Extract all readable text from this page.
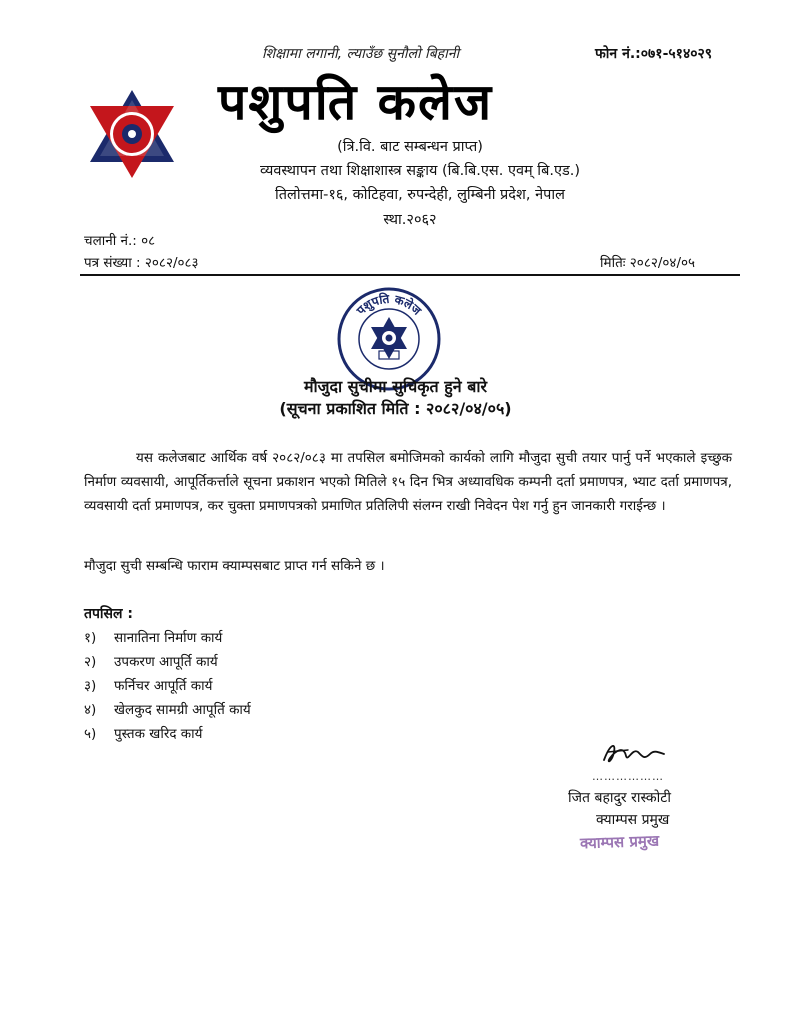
शिक्षामा लगानी, ल्याउँछ सुनौलो बिहानी	फोन नं.:०७१-५१४०२९
पशुपति कलेज
(त्रि.वि. बाट सम्बन्धन प्राप्त)
व्यवस्थापन तथा शिक्षाशास्त्र सङ्काय (बि.बि.एस. एवम् बि.एड.)
तिलोत्तमा-१६, कोटिहवा, रुपन्देही, लुम्बिनी प्रदेश, नेपाल
स्था.२०६२
चलानी नं.: ०८
पत्र संख्या : २०८२/०८३	मितिः २०८२/०४/०५
पशुपति कलेज
मौजुदा सुचीमा सुचिकृत हुने बारे
(सूचना प्रकाशित मिति : २०८२/०४/०५)
यस कलेजबाट आर्थिक वर्ष २०८२/०८३ मा तपसिल बमोजिमको कार्यको लागि मौजुदा सुची तयार पार्नु पर्ने भएकाले इच्छुक निर्माण व्यवसायी, आपूर्तिकर्त्ताले सूचना प्रकाशन भएको मितिले १५ दिन भित्र अध्यावधिक कम्पनी दर्ता प्रमाणपत्र, भ्याट दर्ता प्रमाणपत्र, व्यवसायी दर्ता प्रमाणपत्र, कर चुक्ता प्रमाणपत्रको प्रमाणित प्रतिलिपी संलग्न राखी निवेदन पेश गर्नु हुन जानकारी गराईन्छ ।
मौजुदा सुची सम्बन्धि फाराम क्याम्पसबाट प्राप्त गर्न सकिने छ ।
तपसिल :
१) सानातिना निर्माण कार्य
२) उपकरण आपूर्ति कार्य
३) फर्निचर आपूर्ति कार्य
४) खेलकुद सामग्री आपूर्ति कार्य
५) पुस्तक खरिद कार्य
………………
जित बहादुर रास्कोटी
क्याम्पस प्रमुख
क्याम्पस प्रमुख
